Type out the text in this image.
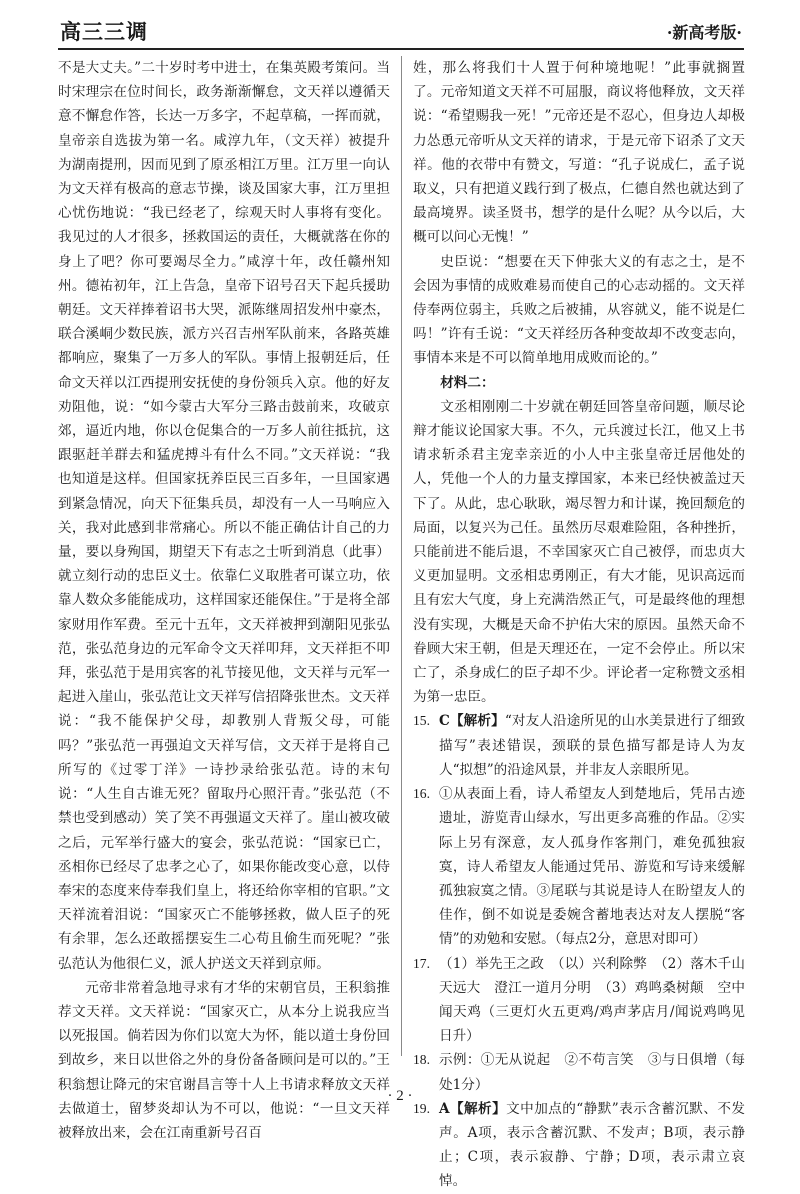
高三三调	·新高考版·

不是大丈夫。”二十岁时考中进士，在集英殿考策问。当时宋理宗在位时间长，政务渐渐懈怠，文天祥以遵循天意不懈怠作答，长达一万多字，不起草稿，一挥而就，皇帝亲自选拔为第一名。咸淳九年，（文天祥）被提升为湖南提刑，因而见到了原丞相江万里。江万里一向认为文天祥有极高的意志节操，谈及国家大事，江万里担心忧伤地说：“我已经老了，综观天时人事将有变化。我见过的人才很多，拯救国运的责任，大概就落在你的身上了吧？你可要竭尽全力。”咸淳十年，改任赣州知州。德祐初年，江上告急，皇帝下诏号召天下起兵援助朝廷。文天祥捧着诏书大哭，派陈继周招发州中豪杰，联合溪峒少数民族，派方兴召吉州军队前来，各路英雄都响应，聚集了一万多人的军队。事情上报朝廷后，任命文天祥以江西提刑安抚使的身份领兵入京。他的好友劝阻他，说：“如今蒙古大军分三路击鼓前来，攻破京郊，逼近内地，你以仓促集合的一万多人前往抵抗，这跟驱赶羊群去和猛虎搏斗有什么不同。”文天祥说：“我也知道是这样。但国家抚养臣民三百多年，一旦国家遇到紧急情况，向天下征集兵员，却没有一人一马响应入关，我对此感到非常痛心。所以不能正确估计自己的力量，要以身殉国，期望天下有志之士听到消息（此事）就立刻行动的忠臣义士。依靠仁义取胜者可谋立功，依靠人数众多能能成功，这样国家还能保住。”于是将全部家财用作军费。至元十五年，文天祥被押到潮阳见张弘范，张弘范身边的元军命令文天祥叩拜，文天祥拒不叩拜，张弘范于是用宾客的礼节接见他，文天祥与元军一起进入崖山，张弘范让文天祥写信招降张世杰。文天祥说：“我不能保护父母，却教别人背叛父母，可能吗？”张弘范一再强迫文天祥写信，文天祥于是将自己所写的《过零丁洋》一诗抄录给张弘范。诗的末句说：“人生自古谁无死？留取丹心照汗青。”张弘范（不禁也受到感动）笑了笑不再强逼文天祥了。崖山被攻破之后，元军举行盛大的宴会，张弘范说：“国家已亡，丞相你已经尽了忠孝之心了，如果你能改变心意，以侍奉宋的态度来侍奉我们皇上，将还给你宰相的官职。”文天祥流着泪说：“国家灭亡不能够拯救，做人臣子的死有余罪，怎么还敢摇摆妄生二心苟且偷生而死呢？”张弘范认为他很仁义，派人护送文天祥到京师。

元帝非常着急地寻求有才华的宋朝官员，王积翁推荐文天祥。文天祥说：“国家灭亡，从本分上说我应当以死报国。倘若因为你们以宽大为怀，能以道士身份回到故乡，来日以世俗之外的身份备备顾问是可以的。”王积翁想让降元的宋官谢昌言等十人上书请求释放文天祥去做道士，留梦炎却认为不可以，他说：“一旦文天祥被释放出来，会在江南重新号召百

姓，那么将我们十人置于何种境地呢！”此事就搁置了。元帝知道文天祥不可屈服，商议将他释放，文天祥说：“希望赐我一死！”元帝还是不忍心，但身边人却极力怂恿元帝听从文天祥的请求，于是元帝下诏杀了文天祥。他的衣带中有赞文，写道：“孔子说成仁，孟子说取义，只有把道义践行到了极点，仁德自然也就达到了最高境界。读圣贤书，想学的是什么呢？从今以后，大概可以问心无愧！”

史臣说：“想要在天下伸张大义的有志之士，是不会因为事情的成败难易而使自己的心志动摇的。文天祥侍奉两位弱主，兵败之后被捕，从容就义，能不说是仁吗！”许有壬说：“文天祥经历各种变故却不改变志向，事情本来是不可以简单地用成败而论的。”

材料二：

文丞相刚刚二十岁就在朝廷回答皇帝问题，顺尽论辩才能议论国家大事。不久，元兵渡过长江，他又上书请求斩杀君主宠幸亲近的小人中主张皇帝迁居他处的人，凭他一个人的力量支撑国家，本来已经快被盖过天下了。从此，忠心耿耿，竭尽智力和计谋，挽回颓危的局面，以复兴为己任。虽然历尽艰难险阻，各种挫折，只能前进不能后退，不幸国家灭亡自己被俘，而忠贞大义更加显明。文丞相忠勇刚正，有大才能，见识高远而且有宏大气度，身上充满浩然正气，可是最终他的理想没有实现，大概是天命不护佑大宋的原因。虽然天命不眷顾大宋王朝，但是天理还在，一定不会停止。所以宋亡了，杀身成仁的臣子却不少。评论者一定称赞文丞相为第一忠臣。

15. C【解析】“对友人沿途所见的山水美景进行了细致描写”表述错误，颈联的景色描写都是诗人为友人“拟想”的沿途风景，并非友人亲眼所见。
16. ①从表面上看，诗人希望友人到楚地后，凭吊古迹遗址，游览青山绿水，写出更多高雅的作品。②实际上另有深意，友人孤身作客荆门，难免孤独寂寞，诗人希望友人能通过凭吊、游览和写诗来缓解孤独寂寞之情。③尾联与其说是诗人在盼望友人的佳作，倒不如说是委婉含蓄地表达对友人摆脱“客情”的劝勉和安慰。（每点2分，意思对即可）
17. （1）举先王之政　（以）兴利除弊　（2）落木千山天远大　澄江一道月分明　（3）鸡鸣桑树颠　空中闻天鸡（三更灯火五更鸡/鸡声茅店月/闻说鸡鸣见日升）
18. 示例：①无从说起　②不苟言笑　③与日俱增（每处1分）
19. A【解析】文中加点的“静默”表示含蓄沉默、不发声。A项，表示含蓄沉默、不发声；B项，表示静止；C项，表示寂静、宁静；D项，表示肃立哀悼。
· 2 ·
